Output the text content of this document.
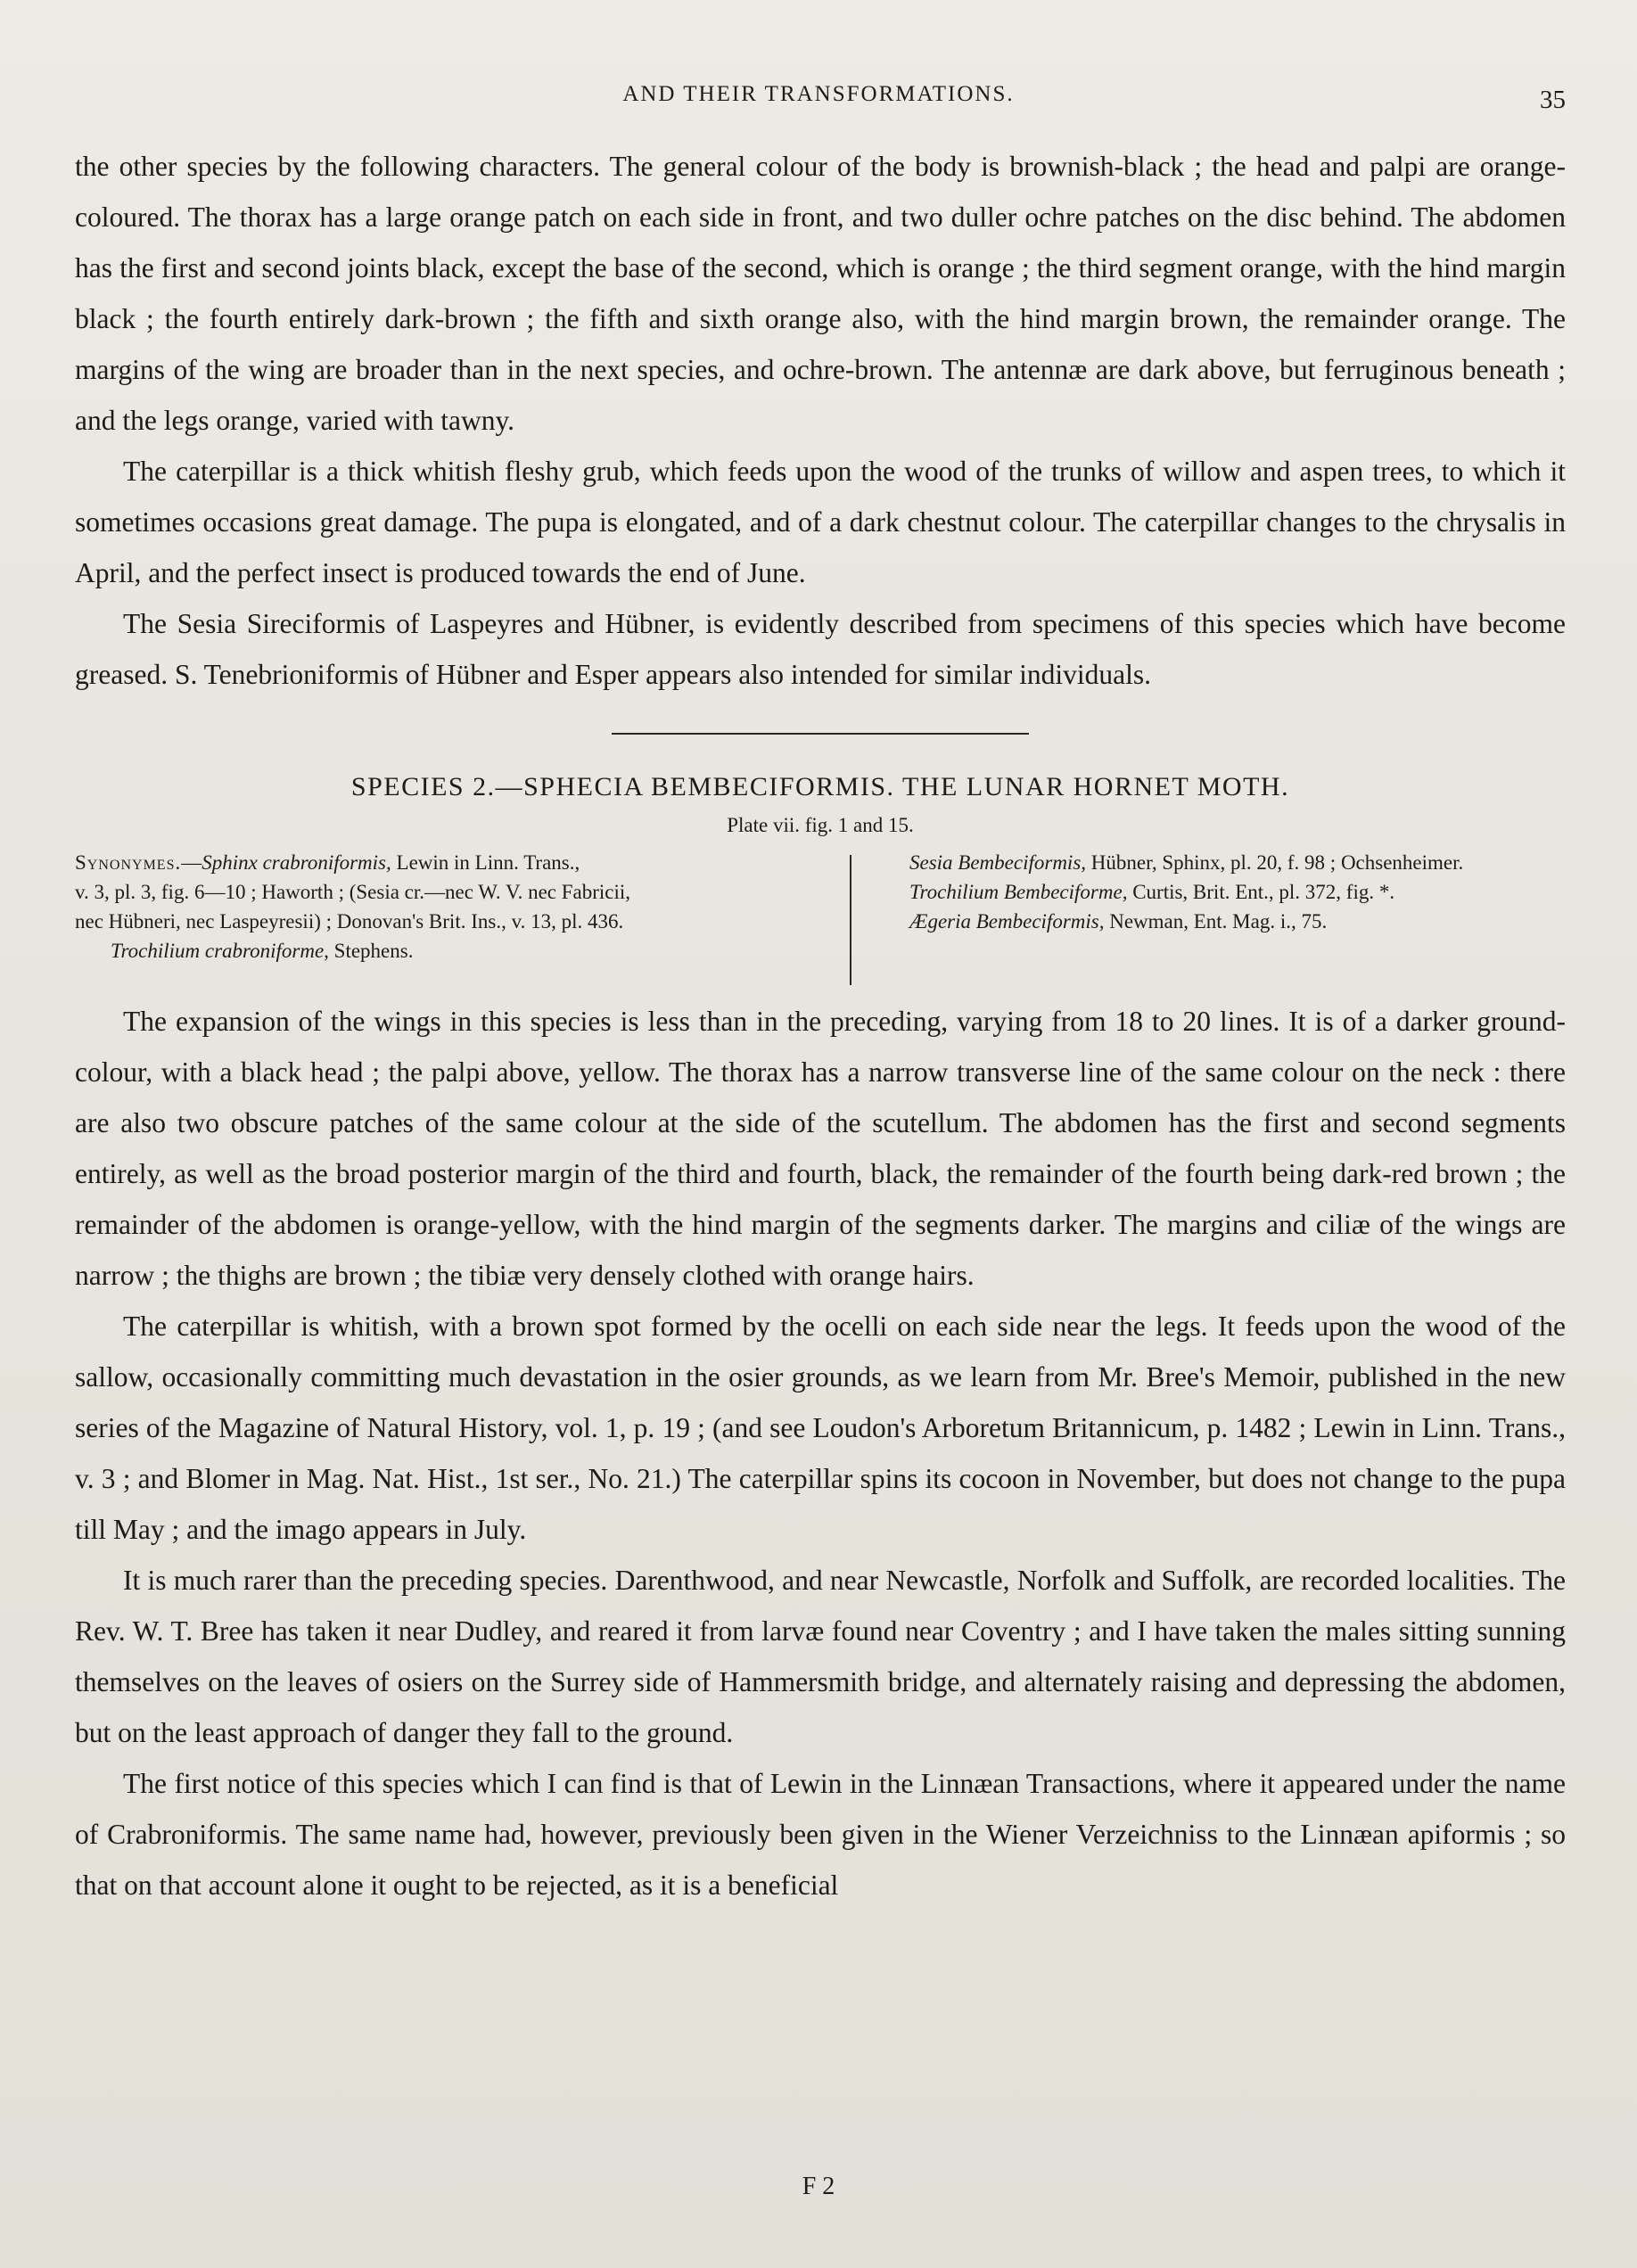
AND THEIR TRANSFORMATIONS.	35

the other species by the following characters. The general colour of the body is brownish-black ; the head and palpi are orange-coloured. The thorax has a large orange patch on each side in front, and two duller ochre patches on the disc behind. The abdomen has the first and second joints black, except the base of the second, which is orange ; the third segment orange, with the hind margin black ; the fourth entirely dark-brown ; the fifth and sixth orange also, with the hind margin brown, the remainder orange. The margins of the wing are broader than in the next species, and ochre-brown. The antennæ are dark above, but ferruginous beneath ; and the legs orange, varied with tawny.

The caterpillar is a thick whitish fleshy grub, which feeds upon the wood of the trunks of willow and aspen trees, to which it sometimes occasions great damage. The pupa is elongated, and of a dark chestnut colour. The caterpillar changes to the chrysalis in April, and the perfect insect is produced towards the end of June.

The Sesia Sireciformis of Laspeyres and Hübner, is evidently described from specimens of this species which have become greased. S. Tenebrioniformis of Hübner and Esper appears also intended for similar individuals.

SPECIES 2.—SPHECIA BEMBECIFORMIS. THE LUNAR HORNET MOTH.
Plate vii. fig. 1 and 15.
Synonymes.—Sphinx crabroniformis, Lewin in Linn. Trans.,
v. 3, pl. 3, fig. 6—10 ; Haworth ; (Sesia cr.—nec W. V. nec Fabricii,
nec Hübneri, nec Laspeyresii) ; Donovan's Brit. Ins., v. 13, pl. 436.
Trochilium crabroniforme, Stephens.
Sesia Bembeciformis, Hübner, Sphinx, pl. 20, f. 98 ; Ochsenheimer.
Trochilium Bembeciforme, Curtis, Brit. Ent., pl. 372, fig. *.
Ægeria Bembeciformis, Newman, Ent. Mag. i., 75.

The expansion of the wings in this species is less than in the preceding, varying from 18 to 20 lines. It is of a darker ground-colour, with a black head ; the palpi above, yellow. The thorax has a narrow transverse line of the same colour on the neck : there are also two obscure patches of the same colour at the side of the scutellum. The abdomen has the first and second segments entirely, as well as the broad posterior margin of the third and fourth, black, the remainder of the fourth being dark-red brown ; the remainder of the abdomen is orange-yellow, with the hind margin of the segments darker. The margins and ciliæ of the wings are narrow ; the thighs are brown ; the tibiæ very densely clothed with orange hairs.

The caterpillar is whitish, with a brown spot formed by the ocelli on each side near the legs. It feeds upon the wood of the sallow, occasionally committing much devastation in the osier grounds, as we learn from Mr. Bree's Memoir, published in the new series of the Magazine of Natural History, vol. 1, p. 19 ; (and see Loudon's Arboretum Britannicum, p. 1482 ; Lewin in Linn. Trans., v. 3 ; and Blomer in Mag. Nat. Hist., 1st ser., No. 21.) The caterpillar spins its cocoon in November, but does not change to the pupa till May ; and the imago appears in July.

It is much rarer than the preceding species. Darenthwood, and near Newcastle, Norfolk and Suffolk, are recorded localities. The Rev. W. T. Bree has taken it near Dudley, and reared it from larvæ found near Coventry ; and I have taken the males sitting sunning themselves on the leaves of osiers on the Surrey side of Hammersmith bridge, and alternately raising and depressing the abdomen, but on the least approach of danger they fall to the ground.

The first notice of this species which I can find is that of Lewin in the Linnæan Transactions, where it appeared under the name of Crabroniformis. The same name had, however, previously been given in the Wiener Verzeichniss to the Linnæan apiformis ; so that on that account alone it ought to be rejected, as it is a beneficial

F 2
